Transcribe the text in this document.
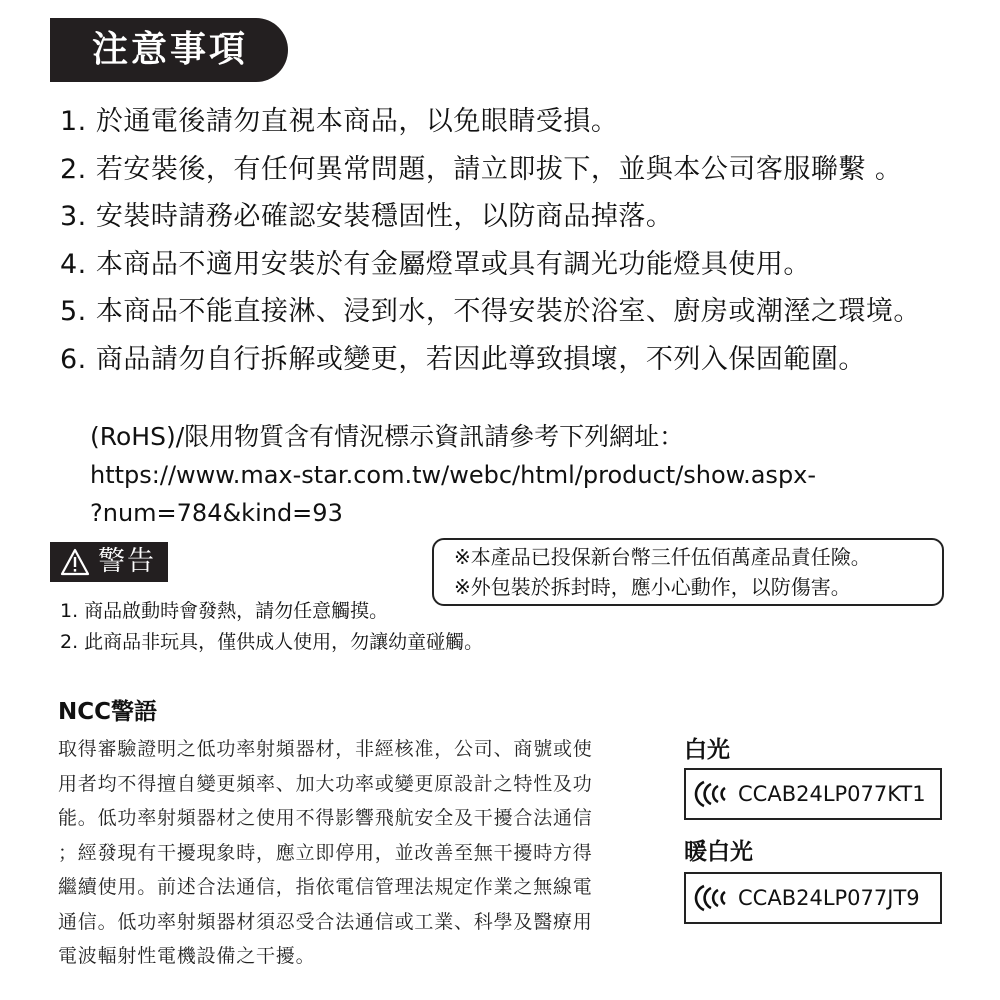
注意事項
1. 於通電後請勿直視本商品，以免眼睛受損。
2. 若安裝後，有任何異常問題，請立即拔下，並與本公司客服聯繫 。
3. 安裝時請務必確認安裝穩固性，以防商品掉落。
4. 本商品不適用安裝於有金屬燈罩或具有調光功能燈具使用。
5. 本商品不能直接淋、浸到水，不得安裝於浴室、廚房或潮溼之環境。
6. 商品請勿自行拆解或變更，若因此導致損壞，不列入保固範圍。
(RoHS)/限用物質含有情況標示資訊請參考下列網址：
https://www.max-star.com.tw/webc/html/product/show.aspx-
?num=784&kind=93
警告	※本產品已投保新台幣三仟伍佰萬產品責任險。
※外包裝於拆封時，應小心動作，以防傷害。
1. 商品啟動時會發熱，請勿任意觸摸。
2. 此商品非玩具，僅供成人使用，勿讓幼童碰觸。
NCC警語
取得審驗證明之低功率射頻器材，非經核准，公司、商號或使
用者均不得擅自變更頻率、加大功率或變更原設計之特性及功
能。低功率射頻器材之使用不得影響飛航安全及干擾合法通信
；經發現有干擾現象時，應立即停用，並改善至無干擾時方得
繼續使用。前述合法通信，指依電信管理法規定作業之無線電
通信。低功率射頻器材須忍受合法通信或工業、科學及醫療用
電波輻射性電機設備之干擾。
白光
CCAB24LP077KT1
暖白光
CCAB24LP077JT9
